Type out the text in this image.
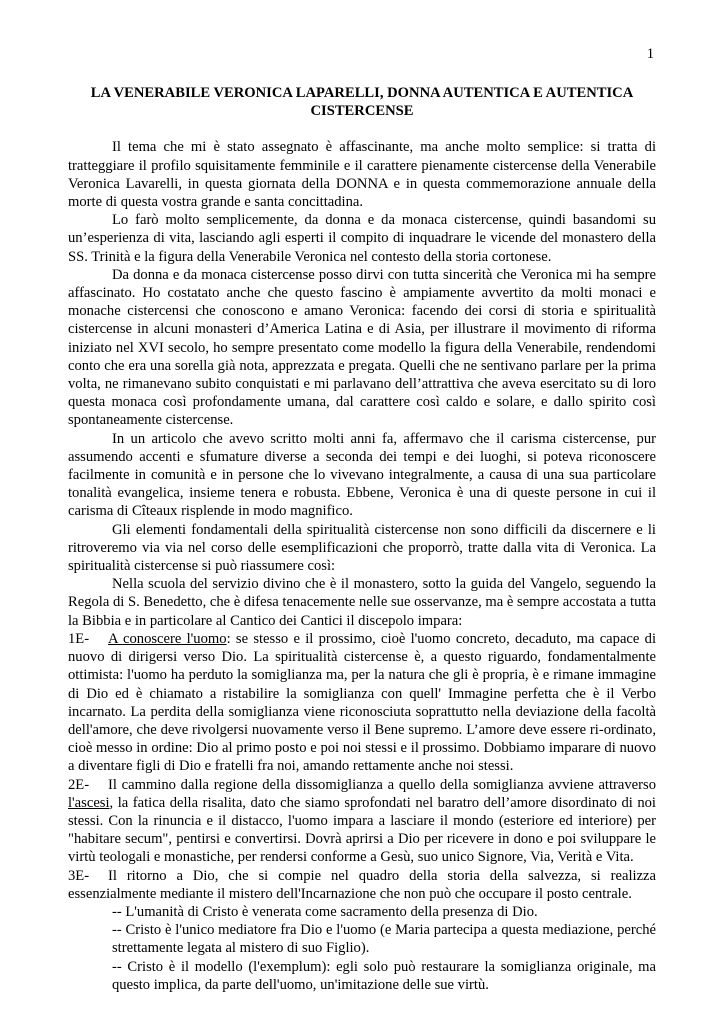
1
LA VENERABILE VERONICA LAPARELLI, DONNA AUTENTICA E AUTENTICA CISTERCENSE

Il tema che mi è stato assegnato è affascinante, ma anche molto semplice: si tratta di tratteggiare il profilo squisitamente femminile e il carattere pienamente cistercense della Venerabile Veronica Lavarelli, in questa giornata della DONNA e in questa commemorazione annuale della morte di questa vostra grande e santa concittadina.

Lo farò molto semplicemente, da donna e da monaca cistercense, quindi basandomi su un’esperienza di vita, lasciando agli esperti il compito di inquadrare le vicende del monastero della SS. Trinità e la figura della Venerabile Veronica nel contesto della storia cortonese.

Da donna e da monaca cistercense posso dirvi con tutta sincerità che Veronica mi ha sempre affascinato. Ho costatato anche che questo fascino è ampiamente avvertito da molti monaci e monache cistercensi che conoscono e amano Veronica: facendo dei corsi di storia e spiritualità cistercense in alcuni monasteri d’America Latina e di Asia, per illustrare il movimento di riforma iniziato nel XVI secolo, ho sempre presentato come modello la figura della Venerabile, rendendomi conto che era una sorella già nota, apprezzata e pregata. Quelli che ne sentivano parlare per la prima volta, ne rimanevano subito conquistati e mi parlavano dell’attrattiva che aveva esercitato su di loro questa monaca così profondamente umana, dal carattere così caldo e solare, e dallo spirito così spontaneamente cistercense.

In un articolo che avevo scritto molti anni fa, affermavo che il carisma cistercense, pur assumendo accenti e sfumature diverse a seconda dei tempi e dei luoghi, si poteva riconoscere facilmente in comunità e in persone che lo vivevano integralmente, a causa di una sua particolare tonalità evangelica, insieme tenera e robusta. Ebbene, Veronica è una di queste persone in cui il carisma di Cîteaux risplende in modo magnifico.

Gli elementi fondamentali della spiritualità cistercense non sono difficili da discernere e li ritroveremo via via nel corso delle esemplificazioni che proporrò, tratte dalla vita di Veronica. La spiritualità cistercense si può riassumere così:

Nella scuola del servizio divino che è il monastero, sotto la guida del Vangelo, seguendo la Regola di S. Benedetto, che è difesa tenacemente nelle sue osservanze, ma è sempre accostata a tutta la Bibbia e in particolare al Cantico dei Cantici il discepolo impara:

1E- A conoscere l'uomo: se stesso e il prossimo, cioè l'uomo concreto, decaduto, ma capace di nuovo di dirigersi verso Dio. La spiritualità cistercense è, a questo riguardo, fondamentalmente ottimista: l'uomo ha perduto la somiglianza ma, per la natura che gli è propria, è e rimane immagine di Dio ed è chiamato a ristabilire la somiglianza con quell' Immagine perfetta che è il Verbo incarnato. La perdita della somiglianza viene riconosciuta soprattutto nella deviazione della facoltà dell'amore, che deve rivolgersi nuovamente verso il Bene supremo. L’amore deve essere ri-ordinato, cioè messo in ordine: Dio al primo posto e poi noi stessi e il prossimo. Dobbiamo imparare di nuovo a diventare figli di Dio e fratelli fra noi, amando rettamente anche noi stessi.

2E- Il cammino dalla regione della dissomiglianza a quello della somiglianza avviene attraverso l'ascesi, la fatica della risalita, dato che siamo sprofondati nel baratro dell’amore disordinato di noi stessi. Con la rinuncia e il distacco, l'uomo impara a lasciare il mondo (esteriore ed interiore) per "habitare secum", pentirsi e convertirsi. Dovrà aprirsi a Dio per ricevere in dono e poi sviluppare le virtù teologali e monastiche, per rendersi conforme a Gesù, suo unico Signore, Via, Verità e Vita.

3E- Il ritorno a Dio, che si compie nel quadro della storia della salvezza, si realizza essenzialmente mediante il mistero dell'Incarnazione che non può che occupare il posto centrale.

-- L'umanità di Cristo è venerata come sacramento della presenza di Dio.

-- Cristo è l'unico mediatore fra Dio e l'uomo (e Maria partecipa a questa mediazione, perché strettamente legata al mistero di suo Figlio).

-- Cristo è il modello (l'exemplum): egli solo può restaurare la somiglianza originale, ma questo implica, da parte dell'uomo, un'imitazione delle sue virtù.
